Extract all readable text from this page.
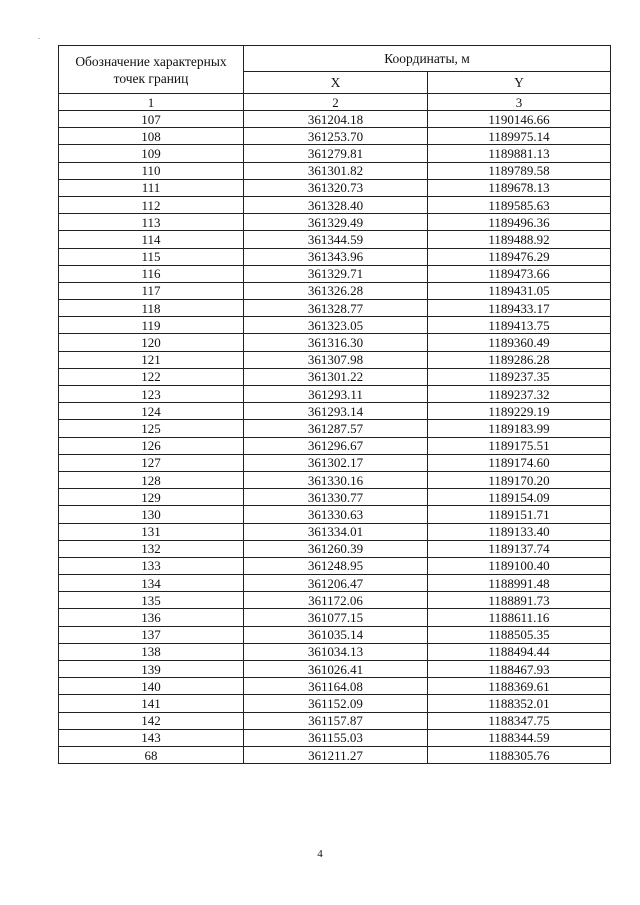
Обозначение характерных точек границ	Координаты, м	
	X	Y
1	2	3
107	361204.18	1190146.66
108	361253.70	1189975.14
109	361279.81	1189881.13
110	361301.82	1189789.58
111	361320.73	1189678.13
112	361328.40	1189585.63
113	361329.49	1189496.36
114	361344.59	1189488.92
115	361343.96	1189476.29
116	361329.71	1189473.66
117	361326.28	1189431.05
118	361328.77	1189433.17
119	361323.05	1189413.75
120	361316.30	1189360.49
121	361307.98	1189286.28
122	361301.22	1189237.35
123	361293.11	1189237.32
124	361293.14	1189229.19
125	361287.57	1189183.99
126	361296.67	1189175.51
127	361302.17	1189174.60
128	361330.16	1189170.20
129	361330.77	1189154.09
130	361330.63	1189151.71
131	361334.01	1189133.40
132	361260.39	1189137.74
133	361248.95	1189100.40
134	361206.47	1188991.48
135	361172.06	1188891.73
136	361077.15	1188611.16
137	361035.14	1188505.35
138	361034.13	1188494.44
139	361026.41	1188467.93
140	361164.08	1188369.61
141	361152.09	1188352.01
142	361157.87	1188347.75
143	361155.03	1188344.59
68	361211.27	1188305.76
4
